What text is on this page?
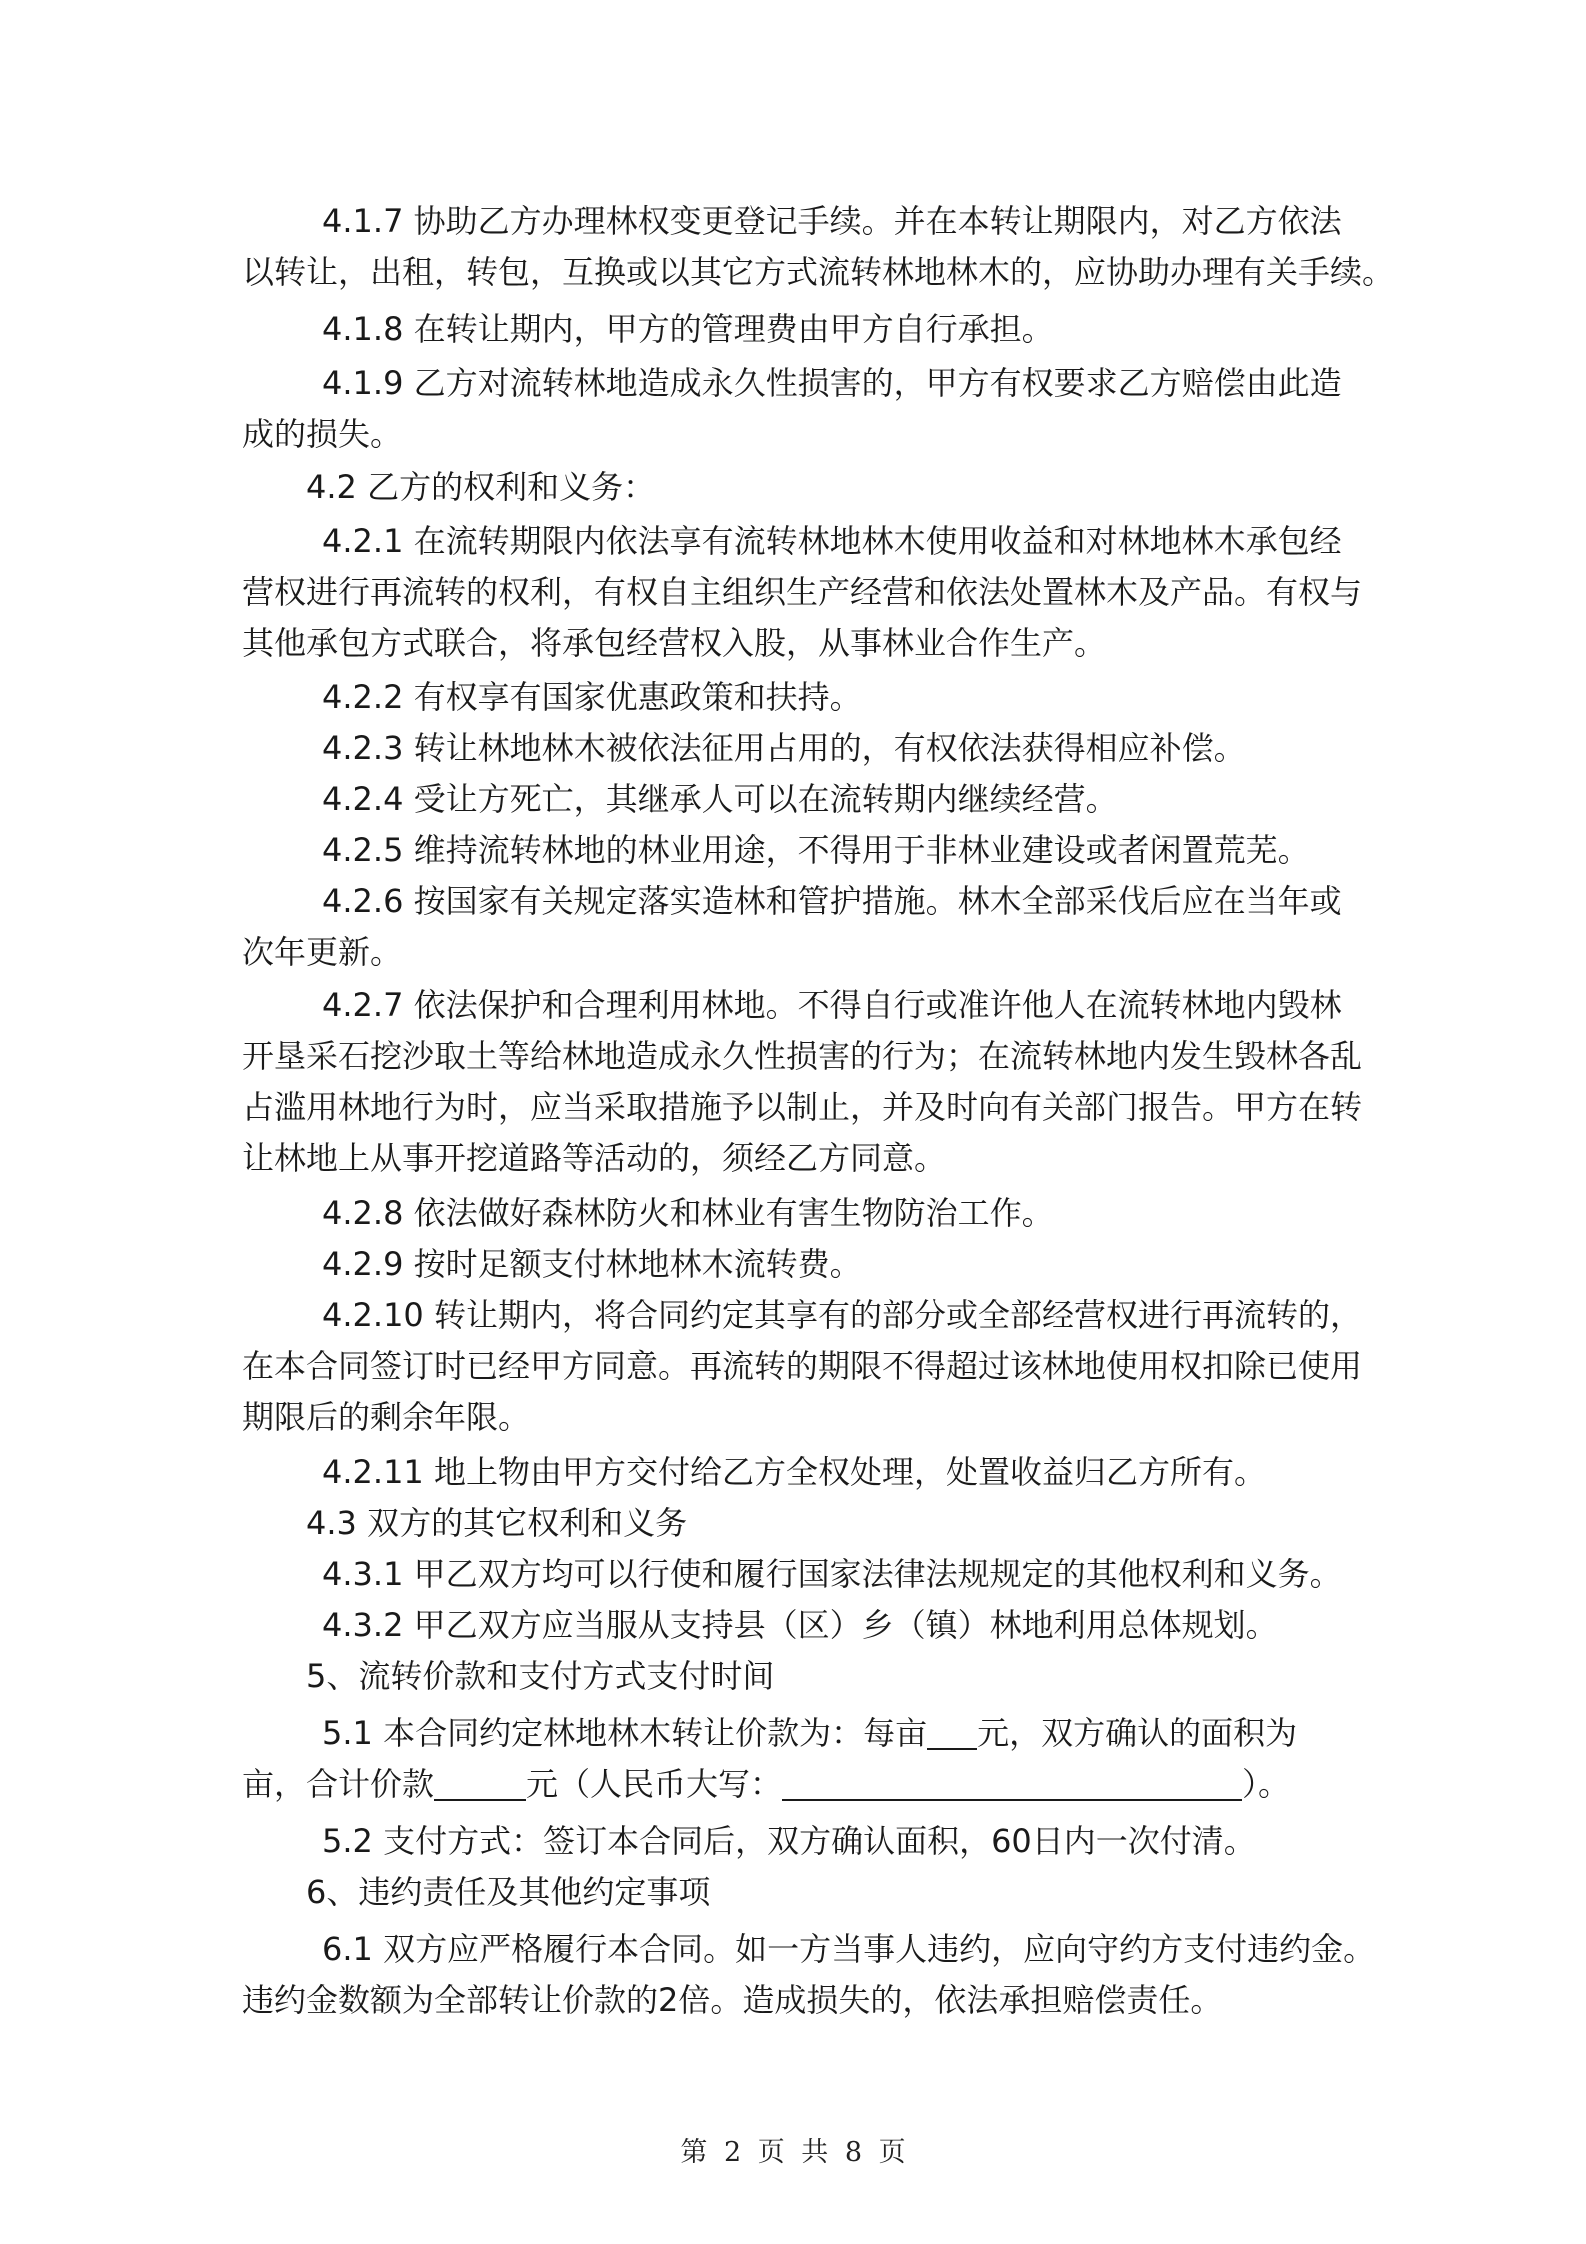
4.1.7 协助乙方办理林权变更登记手续。并在本转让期限内，对乙方依法
以转让，出租，转包，互换或以其它方式流转林地林木的，应协助办理有关手续。
4.1.8 在转让期内，甲方的管理费由甲方自行承担。
4.1.9 乙方对流转林地造成永久性损害的，甲方有权要求乙方赔偿由此造
成的损失。
4.2 乙方的权利和义务：
4.2.1 在流转期限内依法享有流转林地林木使用收益和对林地林木承包经
营权进行再流转的权利，有权自主组织生产经营和依法处置林木及产品。有权与
其他承包方式联合，将承包经营权入股，从事林业合作生产。
4.2.2 有权享有国家优惠政策和扶持。
4.2.3 转让林地林木被依法征用占用的，有权依法获得相应补偿。
4.2.4 受让方死亡，其继承人可以在流转期内继续经营。
4.2.5 维持流转林地的林业用途，不得用于非林业建设或者闲置荒芜。
4.2.6 按国家有关规定落实造林和管护措施。林木全部采伐后应在当年或
次年更新。
4.2.7 依法保护和合理利用林地。不得自行或准许他人在流转林地内毁林
开垦采石挖沙取土等给林地造成永久性损害的行为；在流转林地内发生毁林各乱
占滥用林地行为时，应当采取措施予以制止，并及时向有关部门报告。甲方在转
让林地上从事开挖道路等活动的，须经乙方同意。
4.2.8 依法做好森林防火和林业有害生物防治工作。
4.2.9 按时足额支付林地林木流转费。
4.2.10 转让期内，将合同约定其享有的部分或全部经营权进行再流转的，
在本合同签订时已经甲方同意。再流转的期限不得超过该林地使用权扣除已使用
期限后的剩余年限。
4.2.11 地上物由甲方交付给乙方全权处理，处置收益归乙方所有。
4.3 双方的其它权利和义务
4.3.1 甲乙双方均可以行使和履行国家法律法规规定的其他权利和义务。
4.3.2 甲乙双方应当服从支持县（区）乡（镇）林地利用总体规划。
5、流转价款和支付方式支付时间
5.1 本合同约定林地林木转让价款为：每亩 元，双方确认的面积为
亩，合计价款	元（人民币大写：	）。
5.2 支付方式：签订本合同后，双方确认面积，60日内一次付清。
6、违约责任及其他约定事项
6.1 双方应严格履行本合同。如一方当事人违约，应向守约方支付违约金。
违约金数额为全部转让价款的2倍。造成损失的，依法承担赔偿责任。
第 2 页 共 8 页
